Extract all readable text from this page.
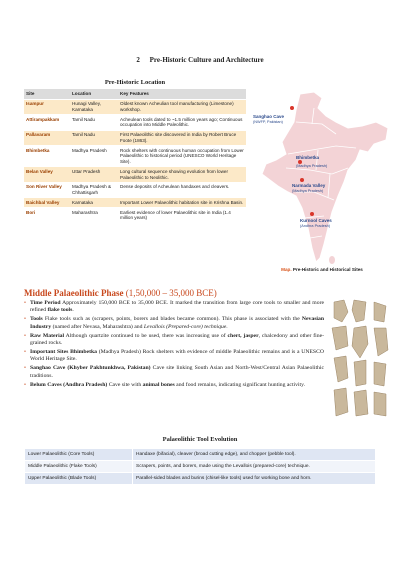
2 Pre-Historic Culture and Architecture
Pre-Historic Location
Site	Location	Key Features
Isampur	Hunagi Valley, Karnataka	Oldest known Acheulian tool manufacturing (Limestone) workshop.
Attirampakkam	Tamil Nadu	Acheulean tools dated to ~1.5 million years ago; Continuous occupation into Middle Paleolithic.
Pallavaram	Tamil Nadu	First Palaeolithic site discovered in India by Robert Bruce Foote (1863).
Bhimbetka	Madhya Pradesh	Rock shelters with continuous human occupation from Lower Palaeolithic to historical period (UNESCO World Heritage Site).
Belan Valley	Uttar Pradesh	Long cultural sequence showing evolution from lower Palaeolithic to Neolithic.
Son River Valley	Madhya Pradesh & Chhattisgarh	Dense deposits of Acheulean handaxes and cleavers.
Baichbal Valley	Karnataka	Important Lower Palaeolithic habitation site in Krishna Basin.
Bori	Maharashtra	Earliest evidence of lower Palaeolithic site in India (1.4 million years)
Sanghao Cave
(NWFP, Pakistan)
Bhimbetka
(Madhya Pradesh)
Narmada Valley
(Madhya Pradesh)
Kurnool Caves
(Andhra Pradesh)
Map. Pre-Historic and Historical Sites
Middle Palaeolithic Phase (1,50,000 – 35,000 BCE)
• Time Period Approximately 150,000 BCE to 35,000 BCE. It marked the transition from large core tools to smaller and more refined flake tools.
• Tools Flake tools such as (scrapers, points, borers and blades became common). This phase is associated with the Nevasian Industry (named after Nevasa, Maharashtra) and Levallois (Prepared-core) technique.
• Raw Material Although quartzite continued to be used, there was increasing use of chert, jasper, chalcedony and other fine- grained rocks.
• Important Sites Bhimbetka (Madhya Pradesh) Rock shelters with evidence of middle Palaeolithic remains and is a UNESCO World Heritage Site.
• Sanghao Cave (Khyber Pakhtunkhwa, Pakistan) Cave site linking South Asian and North-West/Central Asian Palaeolithic traditions.
• Belum Caves (Andhra Pradesh) Cave site with animal bones and food remains, indicating significant hunting activity.
Palaeolithic Tool Evolution
Lower Palaeolithic (Core Tools)	Handaxe (bifacial), cleaver (broad cutting edge), and chopper (pebble tool).
Middle Palaeolithic (Flake Tools)	Scrapers, points, and borers, made using the Levallois (prepared-core) technique.
Upper Palaeolithic (Blade Tools)	Parallel-sided blades and burins (chisel-like tools) used for working bone and horn.
